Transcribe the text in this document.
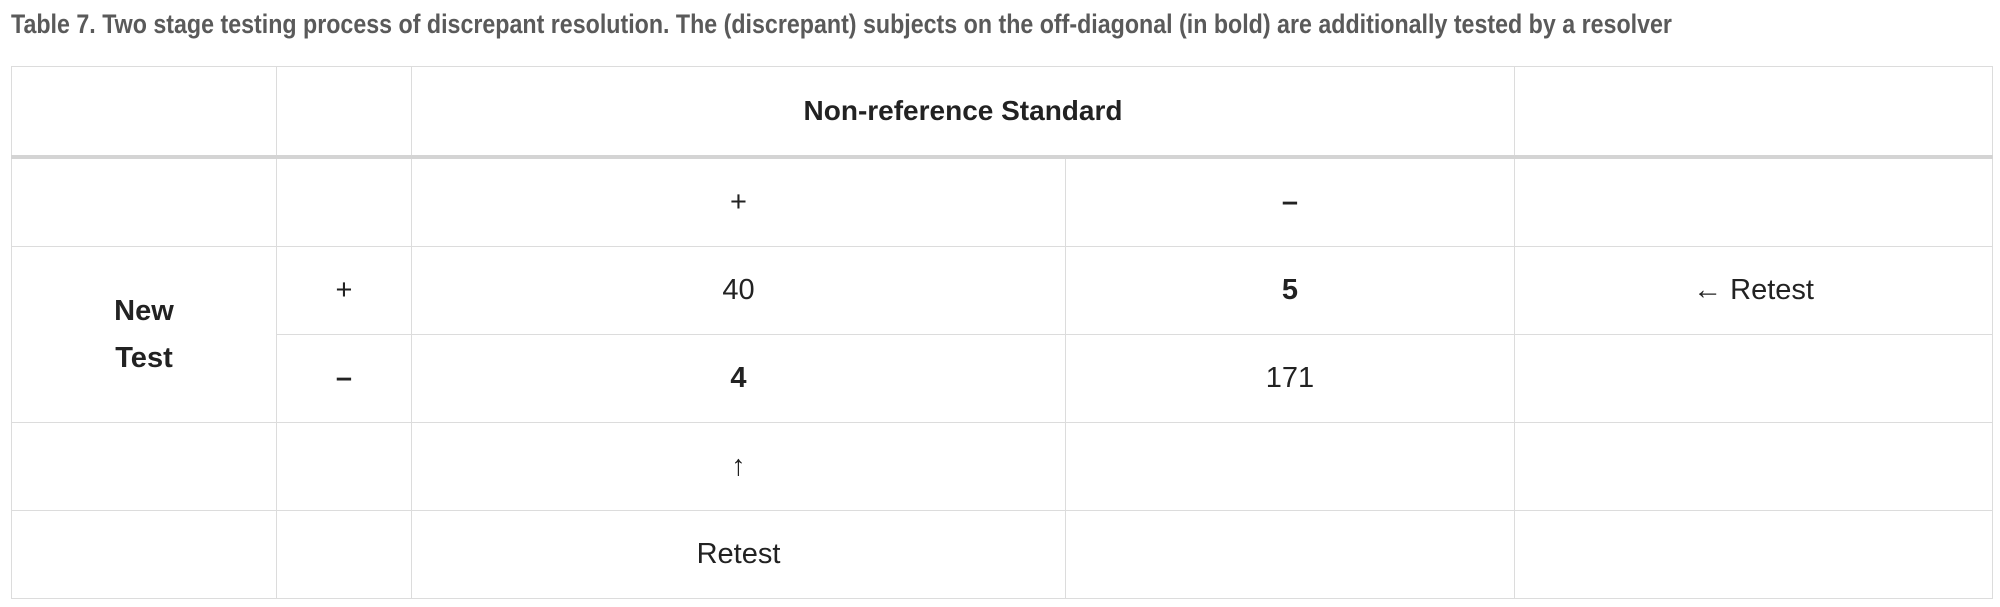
Table 7. Two stage testing process of discrepant resolution. The (discrepant) subjects on the off-diagonal (in bold) are additionally tested by a resolver
		Non-reference Standard		
		+	–	
New Test	+	40	5	← Retest
	–	4	171	
		↑		
		Retest		
